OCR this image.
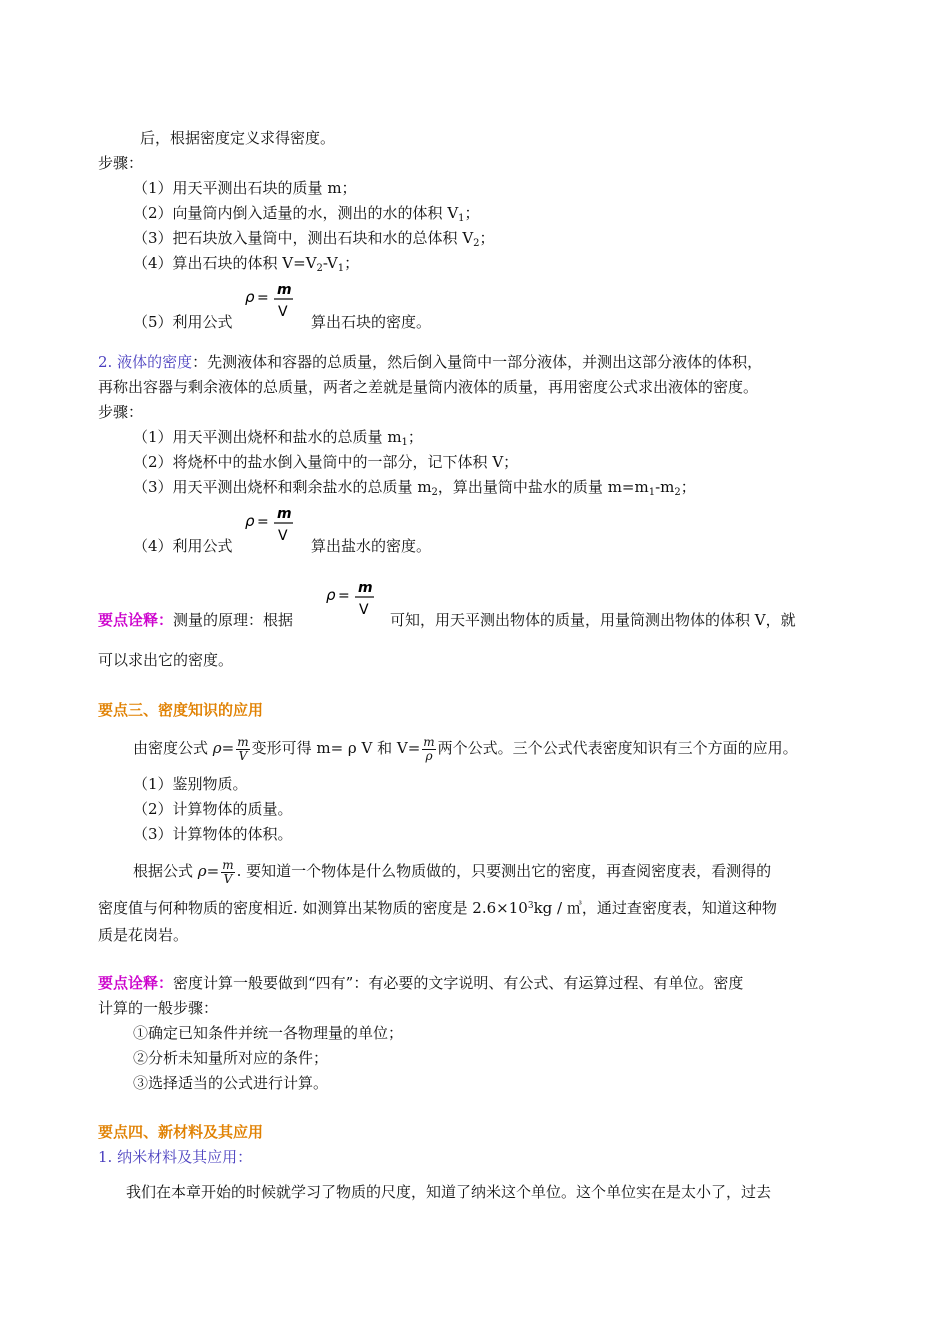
后，根据密度定义求得密度。
步骤：
（1）用天平测出石块的质量 m；
（2）向量筒内倒入适量的水，测出的水的体积 $V_1$；
（3）把石块放入量筒中，测出石块和水的总体积 $V_2$；
（4）算出石块的体积 $V=V_2-V_1$；
（5）利用公式
ρ = m
V
算出石块的密度。
2. 液体的密度：先测液体和容器的总质量，然后倒入量筒中一部分液体，并测出这部分液体的体积，
再称出容器与剩余液体的总质量，两者之差就是量筒内液体的质量，再用密度公式求出液体的密度。
步骤：
（1）用天平测出烧杯和盐水的总质量 $m_1$；
（2）将烧杯中的盐水倒入量筒中的一部分，记下体积 V；
（3）用天平测出烧杯和剩余盐水的总质量 $m_2$，算出量筒中盐水的质量 $m=m_1-m_2$；
（4）利用公式
ρ = m
V
算出盐水的密度。
要点诠释：测量的原理：根据
ρ = m
V
可知，用天平测出物体的质量，用量筒测出物体的体积 V，就
可以求出它的密度。
要点三、密度知识的应用
由密度公式 $\rho= \frac{m}{V}$ 变形可得 m= ρ V 和 $V= \frac{m}{\rho}$ 两个公式。三个公式代表密度知识有三个方面的应用。
（1）鉴别物质。
（2）计算物体的质量。
（3）计算物体的体积。
根据公式 $\rho= \frac{m}{V}$ . 要知道一个物体是什么物质做的，只要测出它的密度，再查阅密度表，看测得的
密度值与何种物质的密度相近. 如测算出某物质的密度是 $2.6\times 10^3kg$ / ㎥，通过查密度表，知道这种物
质是花岗岩。
要点诠释：密度计算一般要做到“四有”：有必要的文字说明、有公式、有运算过程、有单位。密度
计算的一般步骤：
①确定已知条件并统一各物理量的单位；
②分析未知量所对应的条件；
③选择适当的公式进行计算。
要点四、新材料及其应用
1. 纳米材料及其应用：
我们在本章开始的时候就学习了物质的尺度，知道了纳米这个单位。这个单位实在是太小了，过去
